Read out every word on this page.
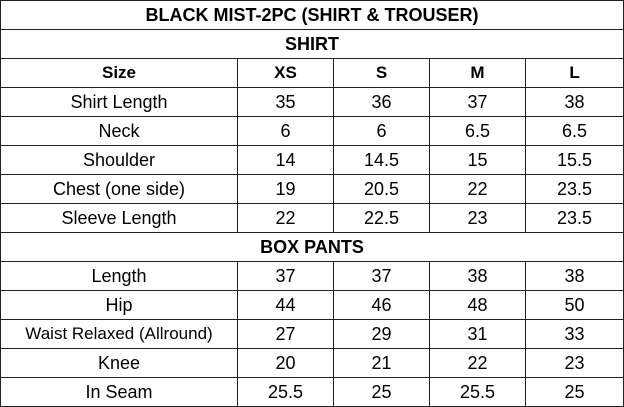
BLACK MIST-2PC (SHIRT & TROUSER)				
SHIRT				
Size	XS	S	M	L
Shirt Length	35	36	37	38
Neck	6	6	6.5	6.5
Shoulder	14	14.5	15	15.5
Chest (one side)	19	20.5	22	23.5
Sleeve Length	22	22.5	23	23.5
BOX PANTS				
Length	37	37	38	38
Hip	44	46	48	50
Waist Relaxed (Allround)	27	29	31	33
Knee	20	21	22	23
In Seam	25.5	25	25.5	25
